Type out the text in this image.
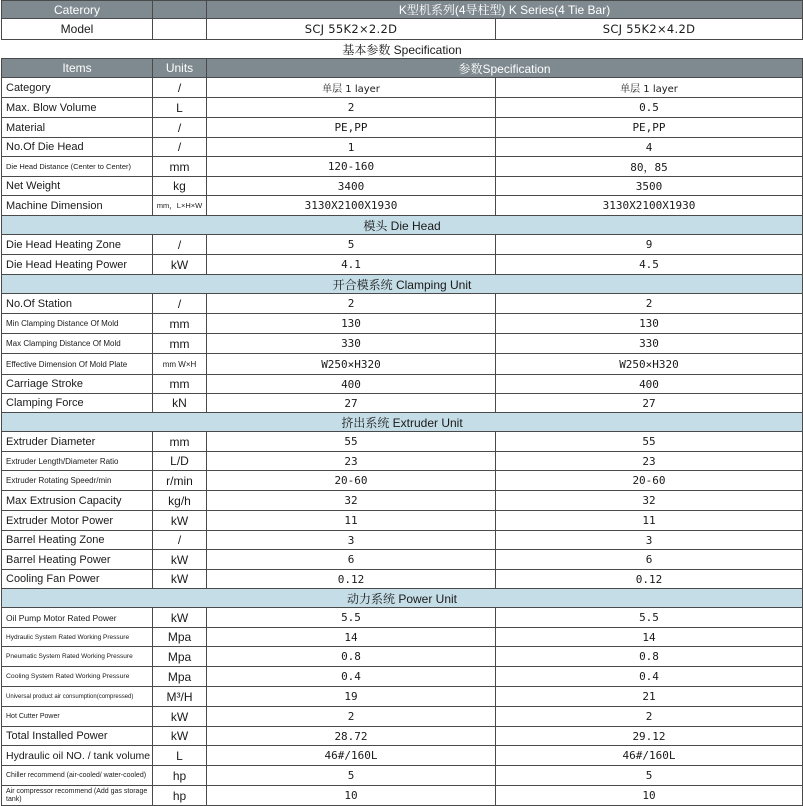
Caterory		K型机系列(4导柱型) K Series(4 Tie Bar)	
Model		SCJ 55K2×2.2D	SCJ 55K2×4.2D
基本参数 Specification			
Items	Units	参数Specification	
Category	/	单层 1 layer	单层 1 layer
Max. Blow Volume	L	2	0.5
Material	/	PE,PP	PE,PP
No.Of Die Head	/	1	4
Die Head Distance (Center to Center)	mm	120-160	80，85
Net Weight	kg	3400	3500
Machine Dimension	mm，L×H×W	3130X2100X1930	3130X2100X1930
模头 Die Head			
Die Head Heating Zone	/	5	9
Die Head Heating Power	kW	4.1	4.5
开合模系统 Clamping Unit			
No.Of Station	/	2	2
Min Clamping Distance Of Mold	mm	130	130
Max Clamping Distance Of Mold	mm	330	330
Effective Dimension Of Mold Plate	mm W×H	W250×H320	W250×H320
Carriage Stroke	mm	400	400
Clamping Force	kN	27	27
挤出系统 Extruder Unit			
Extruder Diameter	mm	55	55
Extruder Length/Diameter Ratio	L/D	23	23
Extruder Rotating Speedr/min	r/min	20-60	20-60
Max Extrusion Capacity	kg/h	32	32
Extruder Motor Power	kW	11	11
Barrel Heating Zone	/	3	3
Barrel Heating Power	kW	6	6
Cooling Fan Power	kW	0.12	0.12
动力系统 Power Unit			
Oil Pump Motor Rated Power	kW	5.5	5.5
Hydraulic System Rated Working Pressure	Mpa	14	14
Pneumatic System Rated Working Pressure	Mpa	0.8	0.8
Cooling System Rated Working Pressure	Mpa	0.4	0.4
Universal product air consumption(compressed)	M³/H	19	21
Hot Cutter Power	kW	2	2
Total Installed Power	kW	28.72	29.12
Hydraulic oil NO. / tank volume	L	46#/160L	46#/160L
Chiller recommend (air-cooled/ water-cooled)	hp	5	5
Air compressor recommend (Add gas storage tank)	hp	10	10
